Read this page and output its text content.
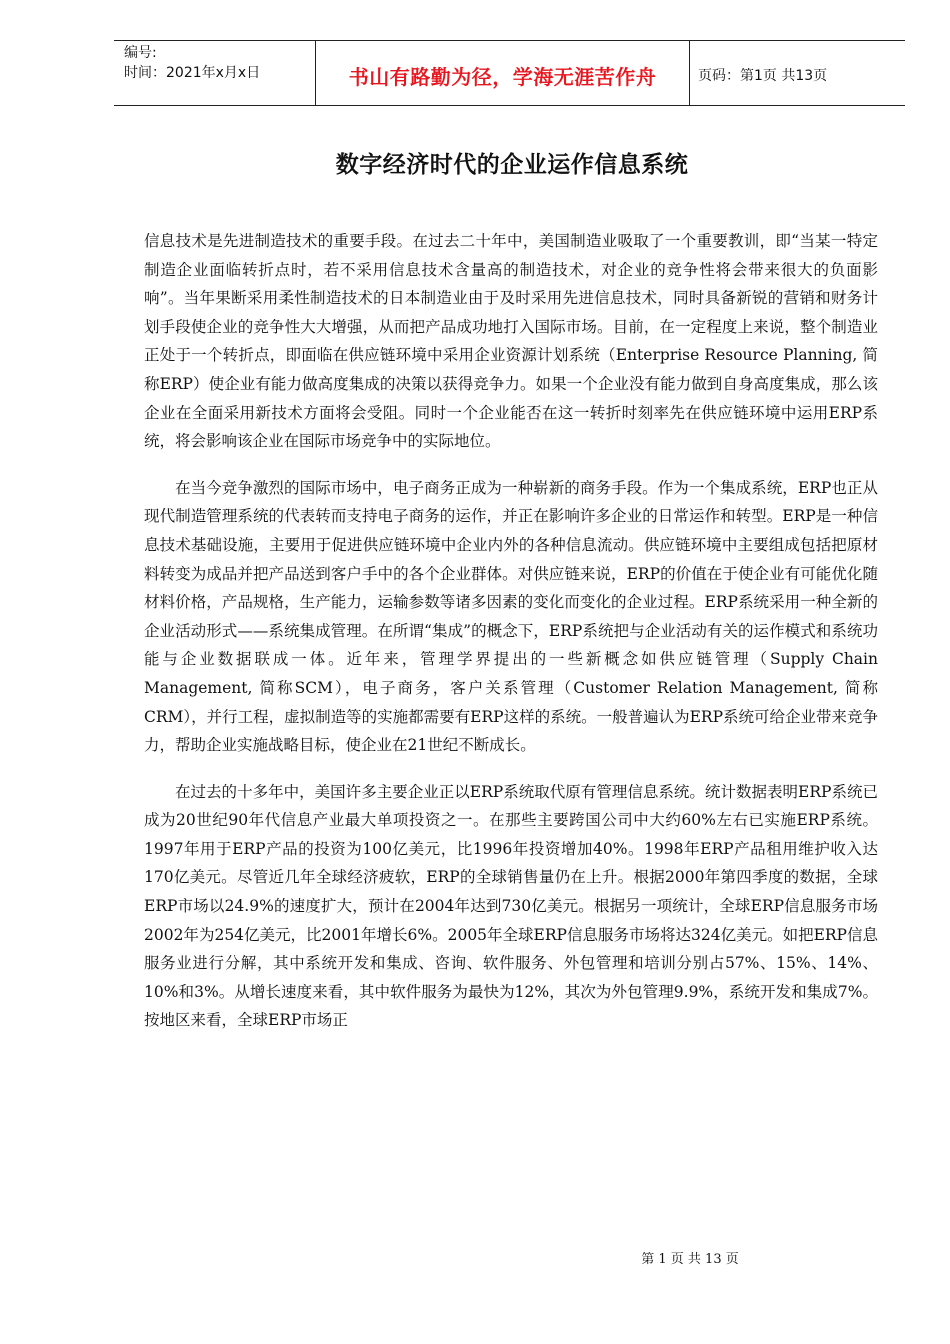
编号:
时间：2021年x月x日	书山有路勤为径，学海无涯苦作舟	页码：第1页 共13页
数字经济时代的企业运作信息系统

信息技术是先进制造技术的重要手段。在过去二十年中，美国制造业吸取了一个重要教训，即“当某一特定制造企业面临转折点时，若不采用信息技术含量高的制造技术，对企业的竞争性将会带来很大的负面影响”。当年果断采用柔性制造技术的日本制造业由于及时采用先进信息技术，同时具备新锐的营销和财务计划手段使企业的竞争性大大增强，从而把产品成功地打入国际市场。目前，在一定程度上来说，整个制造业正处于一个转折点，即面临在供应链环境中采用企业资源计划系统（Enterprise Resource Planning, 简称ERP）使企业有能力做高度集成的决策以获得竞争力。如果一个企业没有能力做到自身高度集成，那么该企业在全面采用新技术方面将会受阻。同时一个企业能否在这一转折时刻率先在供应链环境中运用ERP系统，将会影响该企业在国际市场竞争中的实际地位。

在当今竞争激烈的国际市场中，电子商务正成为一种崭新的商务手段。作为一个集成系统，ERP也正从现代制造管理系统的代表转而支持电子商务的运作，并正在影响许多企业的日常运作和转型。ERP是一种信息技术基础设施，主要用于促进供应链环境中企业内外的各种信息流动。供应链环境中主要组成包括把原材料转变为成品并把产品送到客户手中的各个企业群体。对供应链来说，ERP的价值在于使企业有可能优化随材料价格，产品规格，生产能力，运输参数等诸多因素的变化而变化的企业过程。ERP系统采用一种全新的企业活动形式——系统集成管理。在所谓“集成”的概念下，ERP系统把与企业活动有关的运作模式和系统功能与企业数据联成一体。近年来，管理学界提出的一些新概念如供应链管理（Supply Chain Management, 简称SCM），电子商务，客户关系管理（Customer Relation Management, 简称CRM），并行工程，虚拟制造等的实施都需要有ERP这样的系统。一般普遍认为ERP系统可给企业带来竞争力，帮助企业实施战略目标，使企业在21世纪不断成长。

在过去的十多年中，美国许多主要企业正以ERP系统取代原有管理信息系统。统计数据表明ERP系统已成为20世纪90年代信息产业最大单项投资之一。在那些主要跨国公司中大约60%左右已实施ERP系统。1997年用于ERP产品的投资为100亿美元，比1996年投资增加40%。1998年ERP产品租用维护收入达170亿美元。尽管近几年全球经济疲软，ERP的全球销售量仍在上升。根据2000年第四季度的数据，全球ERP市场以24.9%的速度扩大，预计在2004年达到730亿美元。根据另一项统计，全球ERP信息服务市场2002年为254亿美元，比2001年增长6%。2005年全球ERP信息服务市场将达324亿美元。如把ERP信息服务业进行分解，其中系统开发和集成、咨询、软件服务、外包管理和培训分别占57%、15%、14%、10%和3%。从增长速度来看，其中软件服务为最快为12%，其次为外包管理9.9%，系统开发和集成7%。按地区来看，全球ERP市场正

第 1 页 共 13 页
